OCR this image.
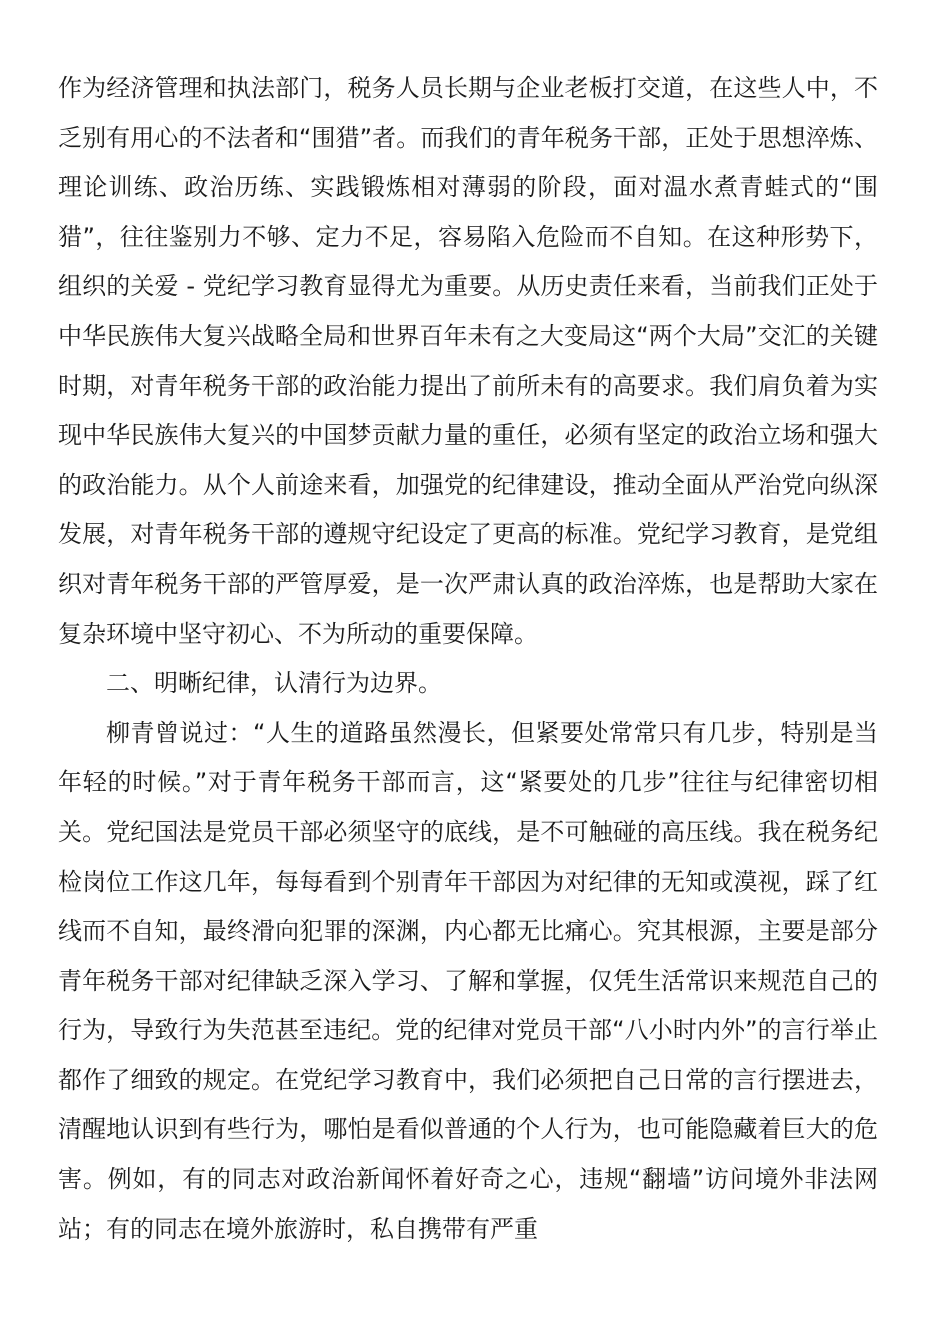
作为经济管理和执法部门，税务人员长期与企业老板打交道，在这些人中，不乏别有用心的不法者和“围猎”者。而我们的青年税务干部，正处于思想淬炼、理论训练、政治历练、实践锻炼相对薄弱的阶段，面对温水煮青蛙式的“围猎”，往往鉴别力不够、定力不足，容易陷入危险而不自知。在这种形势下，组织的关爱 - 党纪学习教育显得尤为重要。从历史责任来看，当前我们正处于中华民族伟大复兴战略全局和世界百年未有之大变局这“两个大局”交汇的关键时期，对青年税务干部的政治能力提出了前所未有的高要求。我们肩负着为实现中华民族伟大复兴的中国梦贡献力量的重任，必须有坚定的政治立场和强大的政治能力。从个人前途来看，加强党的纪律建设，推动全面从严治党向纵深发展，对青年税务干部的遵规守纪设定了更高的标准。党纪学习教育，是党组织对青年税务干部的严管厚爱，是一次严肃认真的政治淬炼，也是帮助大家在复杂环境中坚守初心、不为所动的重要保障。

二、明晰纪律，认清行为边界。

柳青曾说过：“人生的道路虽然漫长，但紧要处常常只有几步，特别是当年轻的时候。”对于青年税务干部而言，这“紧要处的几步”往往与纪律密切相关。党纪国法是党员干部必须坚守的底线，是不可触碰的高压线。我在税务纪检岗位工作这几年，每每看到个别青年干部因为对纪律的无知或漠视，踩了红线而不自知，最终滑向犯罪的深渊，内心都无比痛心。究其根源，主要是部分青年税务干部对纪律缺乏深入学习、了解和掌握，仅凭生活常识来规范自己的行为，导致行为失范甚至违纪。党的纪律对党员干部“八小时内外”的言行举止都作了细致的规定。在党纪学习教育中，我们必须把自己日常的言行摆进去，清醒地认识到有些行为，哪怕是看似普通的个人行为，也可能隐藏着巨大的危害。例如，有的同志对政治新闻怀着好奇之心，违规“翻墙”访问境外非法网站；有的同志在境外旅游时，私自携带有严重
